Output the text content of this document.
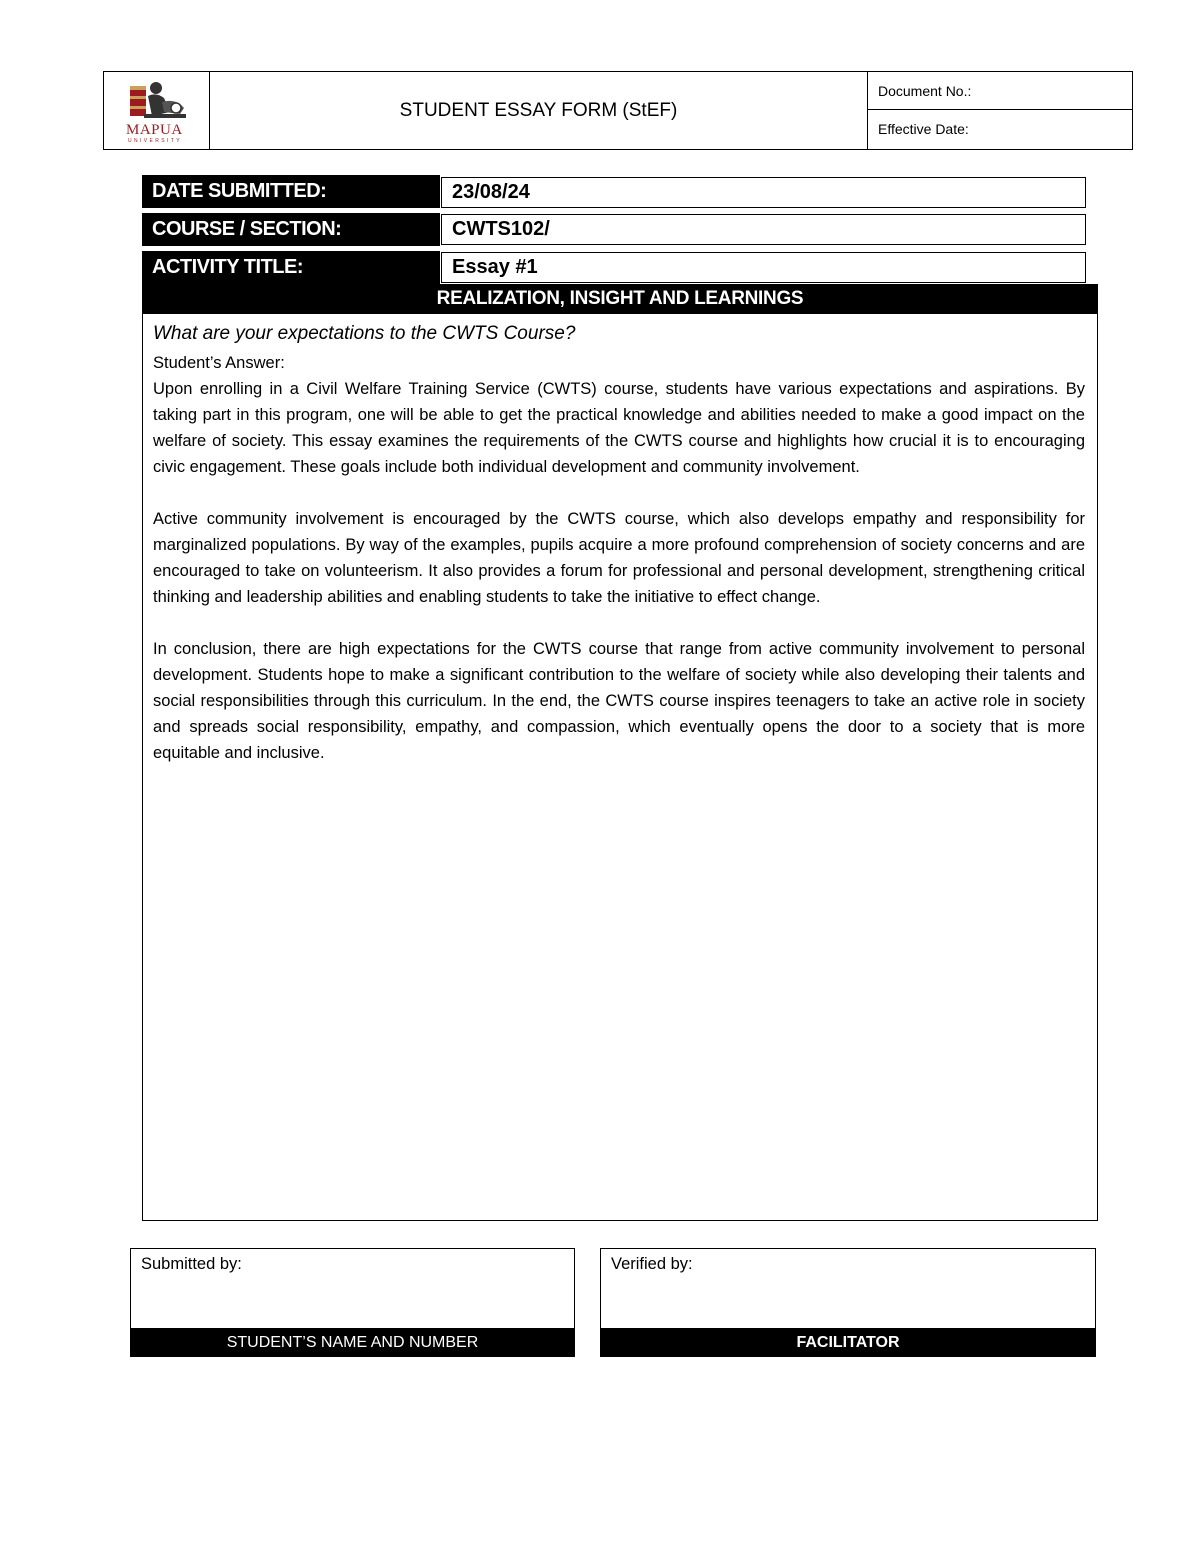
MAPUA
UNIVERSITY
STUDENT ESSAY FORM (StEF)
Document No.:
Effective Date:
DATE SUBMITTED:	23/08/24
COURSE / SECTION:	CWTS102/
ACTIVITY TITLE:	Essay #1
REALIZATION, INSIGHT AND LEARNINGS
What are your expectations to the CWTS Course?
Student’s Answer:

Upon enrolling in a Civil Welfare Training Service (CWTS) course, students have various expectations and aspirations. By taking part in this program, one will be able to get the practical knowledge and abilities needed to make a good impact on the welfare of society. This essay examines the requirements of the CWTS course and highlights how crucial it is to encouraging civic engagement. These goals include both individual development and community involvement.

Active community involvement is encouraged by the CWTS course, which also develops empathy and responsibility for marginalized populations. By way of the examples, pupils acquire a more profound comprehension of society concerns and are encouraged to take on volunteerism. It also provides a forum for professional and personal development, strengthening critical thinking and leadership abilities and enabling students to take the initiative to effect change.

In conclusion, there are high expectations for the CWTS course that range from active community involvement to personal development. Students hope to make a significant contribution to the welfare of society while also developing their talents and social responsibilities through this curriculum. In the end, the CWTS course inspires teenagers to take an active role in society and spreads social responsibility, empathy, and compassion, which eventually opens the door to a society that is more equitable and inclusive.

Submitted by:
STUDENT’S NAME AND NUMBER
Verified by:
FACILITATOR
